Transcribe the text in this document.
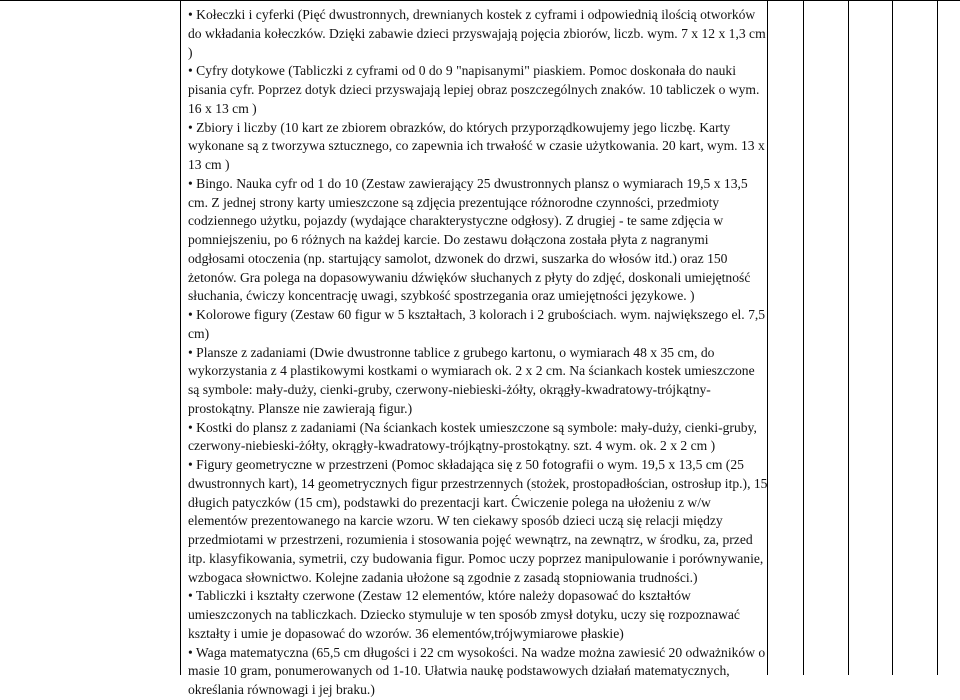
• Kołeczki i cyferki (Pięć dwustronnych, drewnianych kostek z cyframi i odpowiednią ilością otworków do wkładania kołeczków. Dzięki zabawie dzieci przyswajają pojęcia zbiorów, liczb. wym. 7 x 12 x 1,3 cm )

• Cyfry dotykowe (Tabliczki z cyframi od 0 do 9 "napisanymi" piaskiem. Pomoc doskonała do nauki pisania cyfr. Poprzez dotyk dzieci przyswajają lepiej obraz poszczególnych znaków. 10 tabliczek o wym. 16 x 13 cm )

• Zbiory i liczby (10 kart ze zbiorem obrazków, do których przyporządkowujemy jego liczbę. Karty wykonane są z tworzywa sztucznego, co zapewnia ich trwałość w czasie użytkowania. 20 kart, wym. 13 x 13 cm )

• Bingo. Nauka cyfr od 1 do 10 (Zestaw zawierający 25 dwustronnych plansz o wymiarach 19,5 x 13,5 cm. Z jednej strony karty umieszczone są zdjęcia prezentujące różnorodne czynności, przedmioty codziennego użytku, pojazdy (wydające charakterystyczne odgłosy). Z drugiej - te same zdjęcia w pomniejszeniu, po 6 różnych na każdej karcie. Do zestawu dołączona została płyta z nagranymi odgłosami otoczenia (np. startujący samolot, dzwonek do drzwi, suszarka do włosów itd.) oraz 150 żetonów. Gra polega na dopasowywaniu dźwięków słuchanych z płyty do zdjęć, doskonali umiejętność słuchania, ćwiczy koncentrację uwagi, szybkość spostrzegania oraz umiejętności językowe. )

• Kolorowe figury (Zestaw 60 figur w 5 kształtach, 3 kolorach i 2 grubościach. wym. największego el. 7,5 cm)

• Plansze z zadaniami (Dwie dwustronne tablice z grubego kartonu, o wymiarach 48 x 35 cm, do wykorzystania z 4 plastikowymi kostkami o wymiarach ok. 2 x 2 cm. Na ściankach kostek umieszczone są symbole: mały-duży, cienki-gruby, czerwony-niebieski-żółty, okrągły-kwadratowy-trójkątny-prostokątny. Plansze nie zawierają figur.)

• Kostki do plansz z zadaniami (Na ściankach kostek umieszczone są symbole: mały-duży, cienki-gruby, czerwony-niebieski-żółty, okrągły-kwadratowy-trójkątny-prostokątny. szt. 4 wym. ok. 2 x 2 cm )

• Figury geometryczne w przestrzeni (Pomoc składająca się z 50 fotografii o wym. 19,5 x 13,5 cm (25 dwustronnych kart), 14 geometrycznych figur przestrzennych (stożek, prostopadłościan, ostrosłup itp.), 15 długich patyczków (15 cm), podstawki do prezentacji kart. Ćwiczenie polega na ułożeniu z w/w elementów prezentowanego na karcie wzoru. W ten ciekawy sposób dzieci uczą się relacji między przedmiotami w przestrzeni, rozumienia i stosowania pojęć wewnątrz, na zewnątrz, w środku, za, przed itp. klasyfikowania, symetrii, czy budowania figur. Pomoc uczy poprzez manipulowanie i porównywanie, wzbogaca słownictwo. Kolejne zadania ułożone są zgodnie z zasadą stopniowania trudności.)

• Tabliczki i kształty czerwone (Zestaw 12 elementów, które należy dopasować do kształtów umieszczonych na tabliczkach. Dziecko stymuluje w ten sposób zmysł dotyku, uczy się rozpoznawać kształty i umie je dopasować do wzorów. 36 elementów,trójwymiarowe płaskie)

• Waga matematyczna (65,5 cm długości i 22 cm wysokości. Na wadze można zawiesić 20 odważników o masie 10 gram, ponumerowanych od 1-10. Ułatwia naukę podstawowych działań matematycznych, określania równowagi i jej braku.)
